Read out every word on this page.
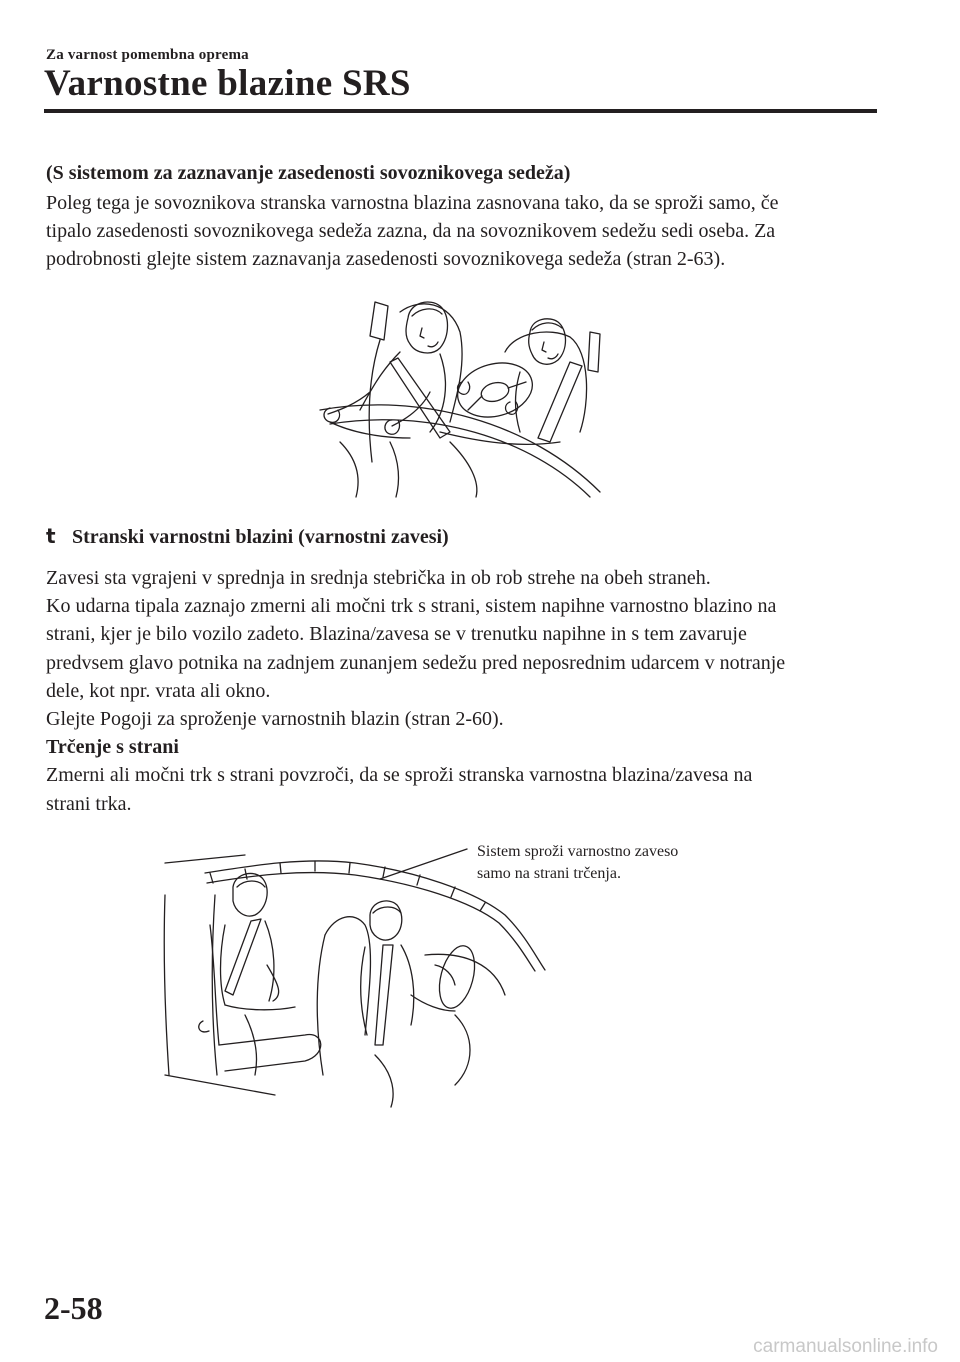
Za varnost pomembna oprema
Varnostne blazine SRS
(S sistemom za zaznavanje zasedenosti sovoznikovega sedeža)

Poleg tega je sovoznikova stranska varnostna blazina zasnovana tako, da se sproži samo, če

tipalo zasedenosti sovoznikovega sedeža zazna, da na sovoznikovem sedežu sedi oseba. Za

podrobnosti glejte sistem zaznavanja zasedenosti sovoznikovega sedeža (stran 2-63).

t Stranski varnostni blazini (varnostni zavesi)

Zavesi sta vgrajeni v sprednja in srednja stebrička in ob rob strehe na obeh straneh.

Ko udarna tipala zaznajo zmerni ali močni trk s strani, sistem napihne varnostno blazino na

strani, kjer je bilo vozilo zadeto. Blazina/zavesa se v trenutku napihne in s tem zavaruje

predvsem glavo potnika na zadnjem zunanjem sedežu pred neposrednim udarcem v notranje

dele, kot npr. vrata ali okno.

Glejte Pogoji za sproženje varnostnih blazin (stran 2-60).

Trčenje s strani

Zmerni ali močni trk s strani povzroči, da se sproži stranska varnostna blazina/zavesa na

strani trka.

Sistem sproži varnostno zaveso
samo na strani trčenja.
2-58
carmanualsonline.info
